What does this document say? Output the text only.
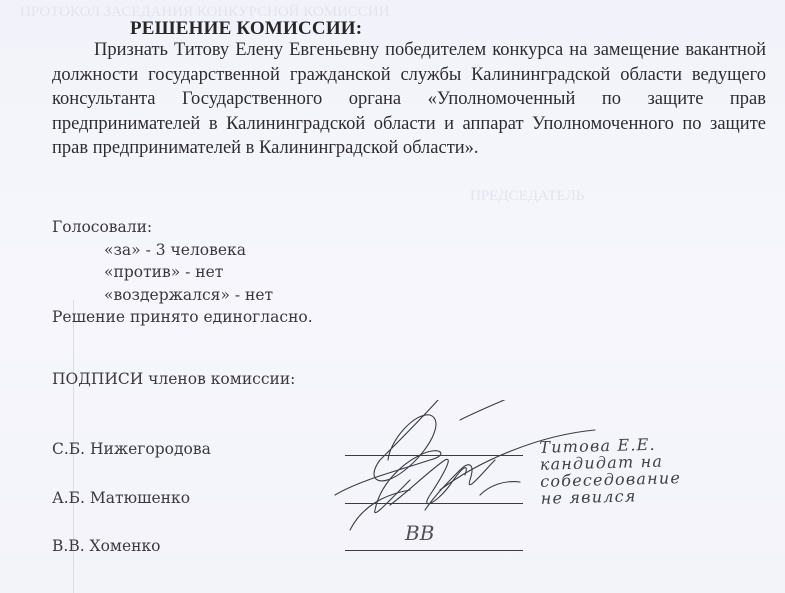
ПРОТОКОЛ ЗАСЕДАНИЯ КОНКУРСНОЙ КОМИССИИ
ПРЕДСЕДАТЕЛЬ
РЕШЕНИЕ КОМИССИИ:
Признать Титову Елену Евгеньевну победителем конкурса на замещение вакантной должности государственной гражданской службы Калининградской области ведущего консультанта Государственного органа «Уполномоченный по защите прав предпринимателей в Калининградской области и аппарат Уполномоченного по защите прав предпринимателей в Калининградской области».
Голосовали:
«за» - 3 человека
«против» - нет
«воздержался» - нет
Решение принято единогласно.
ПОДПИСИ членов комиссии:
С.Б. Нижегородова
А.Б. Матюшенко
В.В. Хоменко
Титова Е.Е.
кандидат на
собеседование
не явился
ВВ
